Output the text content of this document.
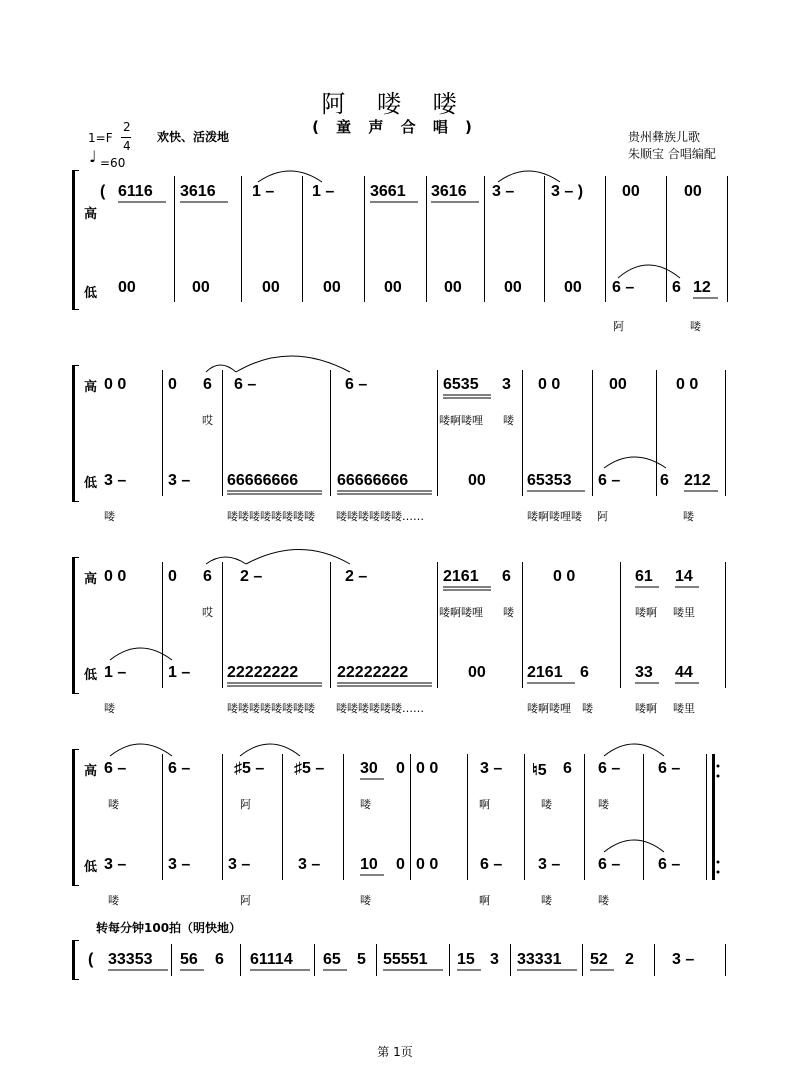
阿 喽 喽
( 童 声 合 唱 )
1=F
2
4
♩ =60
欢快、活泼地	贵州彝族儿歌
朱顺宝 合唱编配
高
低
( 6116 3616 1 – 1 – 3661 3616 3 – 3 – ) 00	00
00	00	00	00	00	00	00	00 6 – 6 12
阿	喽
高
低
0 0	0 6 6 –	6 –	6535 3 0 0	00	0 0
哎	喽啊喽哩 喽
3 –	3 – 66666666 66666666	00	65353 6 – 6 212
喽	喽喽喽喽喽喽喽喽 喽喽喽喽喽喽……	喽啊喽哩喽 阿	喽
高
低
0 0	0 6 2 –	2 –	2161 6	0 0	61 14
哎	喽啊喽哩 喽	喽啊 喽里
1 –	1 – 22222222 22222222	00	2161 6	33 44
喽	喽喽喽喽喽喽喽喽 喽喽喽喽喽喽……	喽啊喽哩 喽	喽啊 喽里
高
低
6 –	6 –	♯5 – ♯5 – 30 0 0 0	3 – ♮5 6 6 – 6 –
喽	阿	喽	啊	喽	喽
3 –	3 – 3 –	3 – 10 0 0 0	6 – 3 – 6 – 6 –
喽	阿	喽	啊	喽	喽
转每分钟100拍（明快地）
( 33353 56 6 61114 65 5 55551 15 3 33331 52 2 3 –
第 1页
